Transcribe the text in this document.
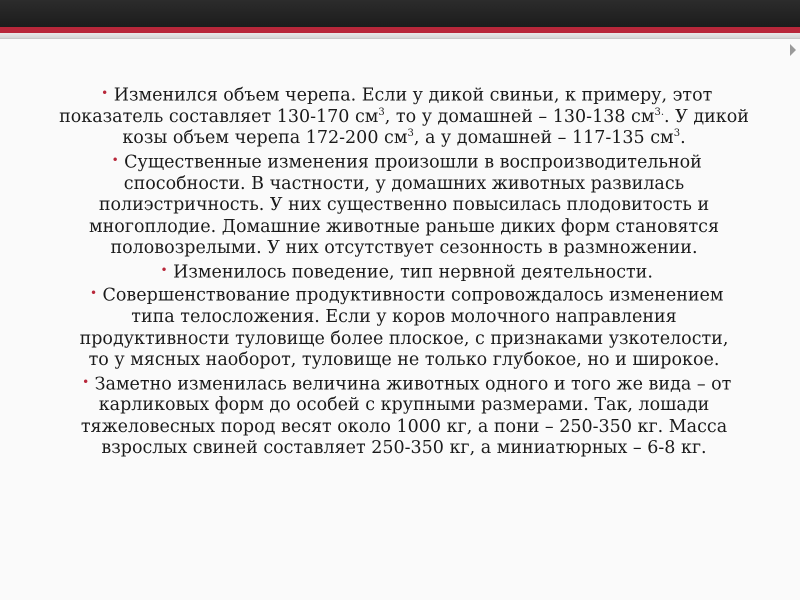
• Изменился объем черепа. Если у дикой свиньи, к примеру, этот показатель составляет 130-170 $см^3$, то у домашней – 130-138 $см^{3.}$. У дикой козы объем черепа 172-200 $см^3$, а у домашней – 117-135 $см^3$.

• Существенные изменения произошли в воспроизводительной способности. В частности, у домашних животных развилась полиэстричность. У них существенно повысилась плодовитость и многоплодие. Домашние животные раньше диких форм становятся половозрелыми. У них отсутствует сезонность в размножении.

• Изменилось поведение, тип нервной деятельности.

• Совершенствование продуктивности сопровождалось изменением типа телосложения. Если у коров молочного направления продуктивности туловище более плоское, с признаками узкотелости, то у мясных наоборот, туловище не только глубокое, но и широкое.

• Заметно изменилась величина животных одного и того же вида – от карликовых форм до особей с крупными размерами. Так, лошади тяжеловесных пород весят около 1000 кг, а пони – 250-350 кг. Масса взрослых свиней составляет 250-350 кг, а миниатюрных – 6-8 кг.
